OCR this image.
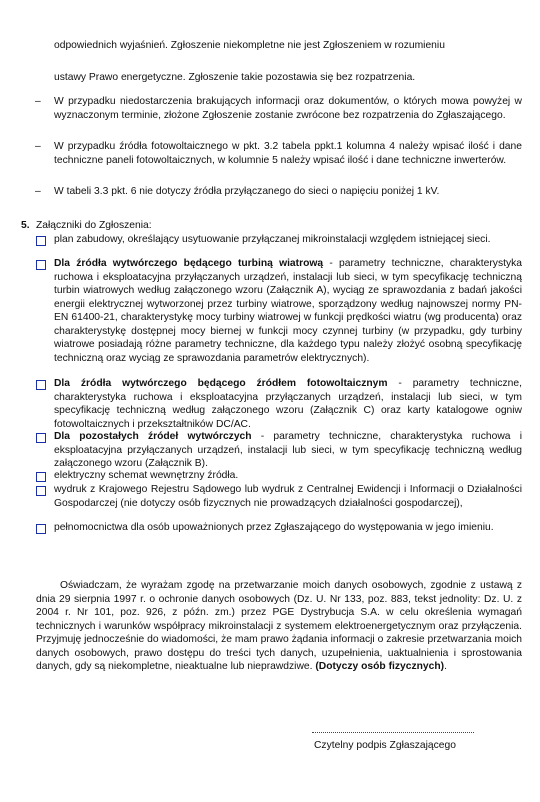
odpowiednich wyjaśnień. Zgłoszenie niekompletne nie jest Zgłoszeniem w rozumieniu

ustawy Prawo energetyczne. Zgłoszenie takie pozostawia się bez rozpatrzenia.

–	W przypadku niedostarczenia brakujących informacji oraz dokumentów, o których mowa powyżej w wyznaczonym terminie, złożone Zgłoszenie zostanie zwrócone bez rozpatrzenia do Zgłaszającego.

–	W przypadku źródła fotowoltaicznego w pkt. 3.2 tabela ppkt.1 kolumna 4 należy wpisać ilość i dane techniczne paneli fotowoltaicznych, w kolumnie 5 należy wpisać ilość i dane techniczne inwerterów.

–	W tabeli 3.3 pkt. 6 nie dotyczy źródła przyłączanego do sieci o napięciu poniżej 1 kV.

5. Załączniki do Zgłoszenia:

plan zabudowy, określający usytuowanie przyłączanej mikroinstalacji względem istniejącej sieci.

Dla źródła wytwórczego będącego turbiną wiatrową - parametry techniczne, charakterystyka ruchowa i eksploatacyjna przyłączanych urządzeń, instalacji lub sieci, w tym specyfikację techniczną turbin wiatrowych według załączonego wzoru (Załącznik A), wyciąg ze sprawozdania z badań jakości energii elektrycznej wytworzonej przez turbiny wiatrowe, sporządzony według najnowszej normy PN-EN 61400-21, charakterystykę mocy turbiny wiatrowej w funkcji prędkości wiatru (wg producenta) oraz charakterystykę dostępnej mocy biernej w funkcji mocy czynnej turbiny (w przypadku, gdy turbiny wiatrowe posiadają różne parametry techniczne, dla każdego typu należy złożyć osobną specyfikację techniczną oraz wyciąg ze sprawozdania parametrów elektrycznych).

Dla źródła wytwórczego będącego źródłem fotowoltaicznym - parametry techniczne, charakterystyka ruchowa i eksploatacyjna przyłączanych urządzeń, instalacji lub sieci, w tym specyfikację techniczną według załączonego wzoru (Załącznik C) oraz karty katalogowe ogniw fotowoltaicznych i przekształtników DC/AC.

Dla pozostałych źródeł wytwórczych - parametry techniczne, charakterystyka ruchowa i eksploatacyjna przyłączanych urządzeń, instalacji lub sieci, w tym specyfikację techniczną według załączonego wzoru (Załącznik B).

elektryczny schemat wewnętrzny źródła.

wydruk z Krajowego Rejestru Sądowego lub wydruk z Centralnej Ewidencji i Informacji o Działalności Gospodarczej (nie dotyczy osób fizycznych nie prowadzących działalności gospodarczej),

pełnomocnictwa dla osób upoważnionych przez Zgłaszającego do występowania w jego imieniu.

Oświadczam, że wyrażam zgodę na przetwarzanie moich danych osobowych, zgodnie z ustawą z dnia 29 sierpnia 1997 r. o ochronie danych osobowych (Dz. U. Nr 133, poz. 883, tekst jednolity: Dz. U. z 2004 r. Nr 101, poz. 926, z późn. zm.) przez PGE Dystrybucja S.A. w celu określenia wymagań technicznych i warunków współpracy mikroinstalacji z systemem elektroenergetycznym oraz przyłączenia. Przyjmuję jednocześnie do wiadomości, że mam prawo żądania informacji o zakresie przetwarzania moich danych osobowych, prawo dostępu do treści tych danych, uzupełnienia, uaktualnienia i sprostowania danych, gdy są niekompletne, nieaktualne lub nieprawdziwe. (Dotyczy osób fizycznych).

Czytelny podpis Zgłaszającego
